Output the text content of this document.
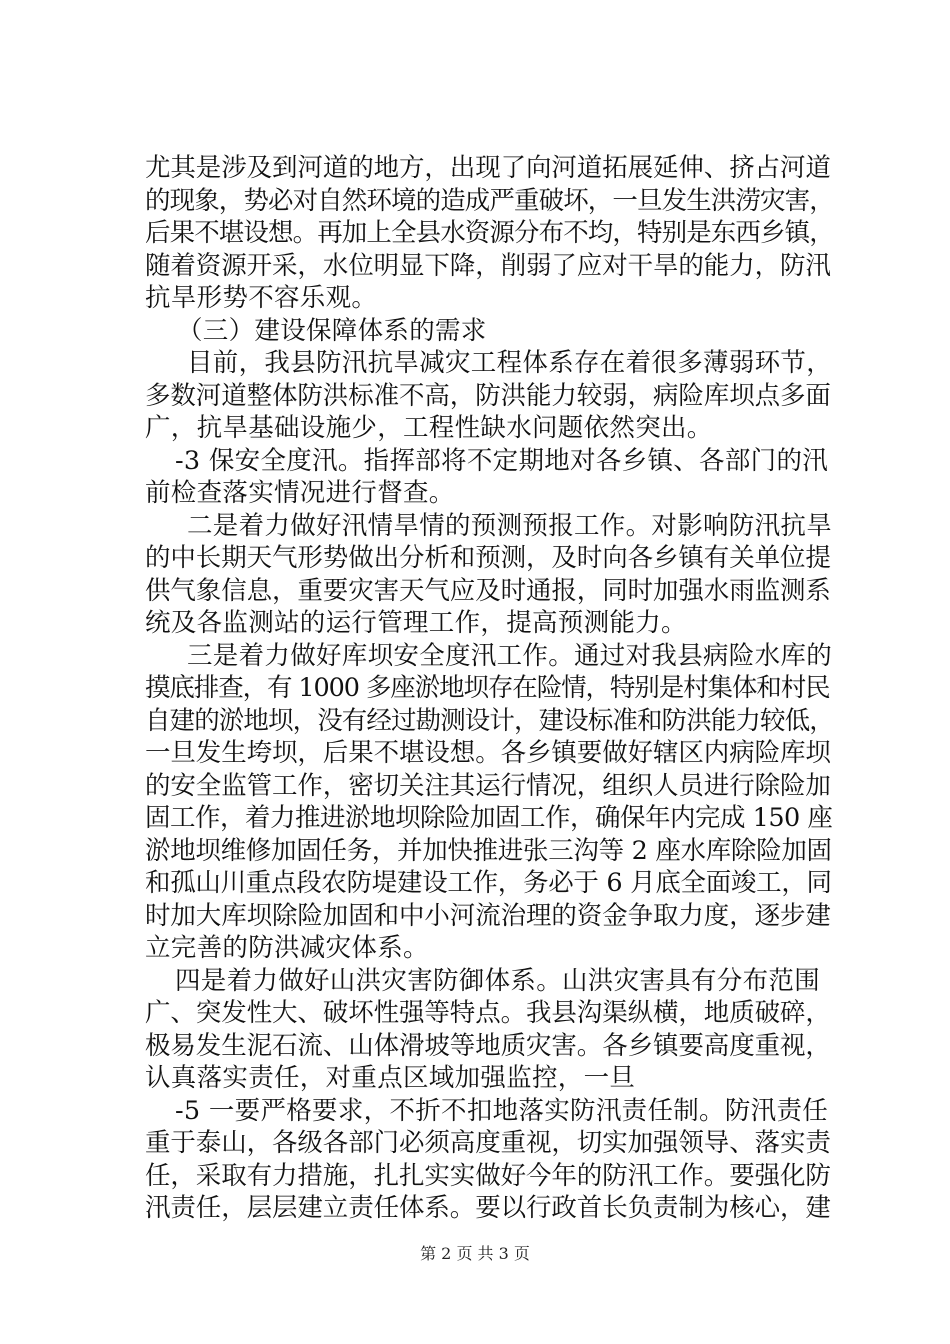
尤其是涉及到河道的地方，出现了向河道拓展延伸、挤占河道
的现象，势必对自然环境的造成严重破坏，一旦发生洪涝灾害，
后果不堪设想。再加上全县水资源分布不均，特别是东西乡镇，
随着资源开采，水位明显下降，削弱了应对干旱的能力，防汛
抗旱形势不容乐观。
（三）建设保障体系的需求
目前，我县防汛抗旱减灾工程体系存在着很多薄弱环节，
多数河道整体防洪标准不高，防洪能力较弱，病险库坝点多面
广，抗旱基础设施少，工程性缺水问题依然突出。
-3 保安全度汛。指挥部将不定期地对各乡镇、各部门的汛
前检查落实情况进行督查。
二是着力做好汛情旱情的预测预报工作。对影响防汛抗旱
的中长期天气形势做出分析和预测，及时向各乡镇有关单位提
供气象信息，重要灾害天气应及时通报，同时加强水雨监测系
统及各监测站的运行管理工作，提高预测能力。
三是着力做好库坝安全度汛工作。通过对我县病险水库的
摸底排查，有 1000 多座淤地坝存在险情，特别是村集体和村民
自建的淤地坝，没有经过勘测设计，建设标准和防洪能力较低，
一旦发生垮坝，后果不堪设想。各乡镇要做好辖区内病险库坝
的安全监管工作，密切关注其运行情况，组织人员进行除险加
固工作，着力推进淤地坝除险加固工作，确保年内完成 150 座
淤地坝维修加固任务，并加快推进张三沟等 2 座水库除险加固
和孤山川重点段农防堤建设工作，务必于 6 月底全面竣工，同
时加大库坝除险加固和中小河流治理的资金争取力度，逐步建
立完善的防洪减灾体系。
四是着力做好山洪灾害防御体系。山洪灾害具有分布范围
广、突发性大、破坏性强等特点。我县沟渠纵横，地质破碎，
极易发生泥石流、山体滑坡等地质灾害。各乡镇要高度重视，
认真落实责任，对重点区域加强监控，一旦
-5 一要严格要求，不折不扣地落实防汛责任制。防汛责任
重于泰山，各级各部门必须高度重视，切实加强领导、落实责
任，采取有力措施，扎扎实实做好今年的防汛工作。要强化防
汛责任，层层建立责任体系。要以行政首长负责制为核心，建
第 2 页 共 3 页
